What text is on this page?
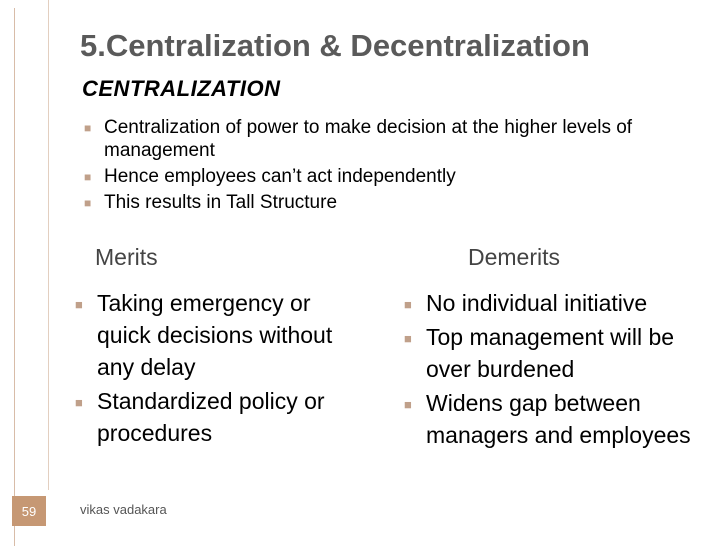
5.Centralization & Decentralization
CENTRALIZATION
■ Centralization of power to make decision at the higher levels of management
■ Hence employees can’t act independently
■ This results in Tall Structure
Merits	Demerits
■ Taking emergency or quick decisions without any delay
■ Standardized policy or procedures
■ No individual initiative
■ Top management will be over burdened
■ Widens gap between managers and employees
59	vikas vadakara
